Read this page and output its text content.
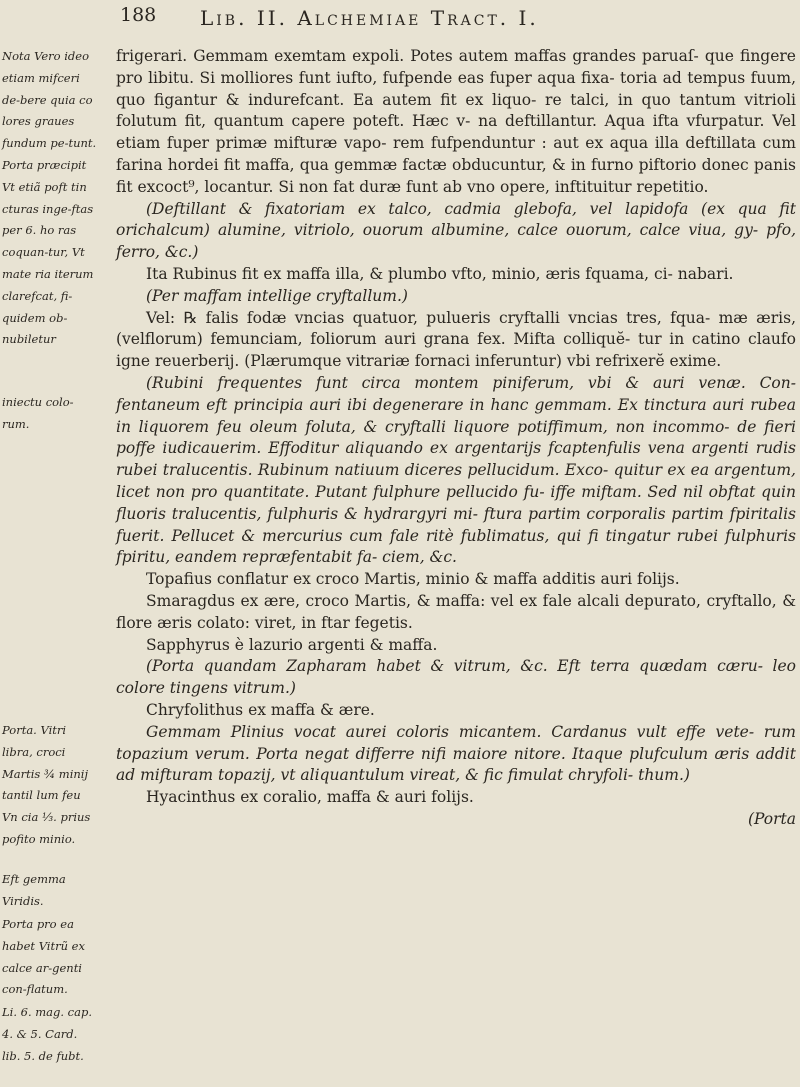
188 Lib. II. Alchemiae Tract. I.
Nota Vero ideo etiam mifceri de-bere quia co lores graues fundum pe-tunt. Porta præcipit Vt etiã poft tin cturas inge-ftas per 6. ho ras coquan-tur, Vt mate ria iterum clarefcat, fi-quidem ob-nubiletur
iniectu colo-rum.
Porta. Vitri libra, croci Martis ¾ minij tantil lum feu Vn cia ⅓. prius pofito minio.
Eft gemma Viridis.
Porta pro ea habet Vitrũ ex calce ar-genti con-flatum.
Li. 6. mag. cap. 4. & 5. Card. lib. 5. de fubt.

frigerari. Gemmam exemtam expoli. Potes autem maffas grandes paruaſ- que fingere pro libitu. Si molliores funt iufto, fufpende eas fuper aqua fixa- toria ad tempus fuum, quo figantur & indurefcant. Ea autem fit ex liquo- re talci, in quo tantum vitrioli folutum fit, quantum capere poteft. Hæc v- na deftillantur. Aqua ifta vfurpatur. Vel etiam fuper primæ mifturæ vapo- rem fufpenduntur : aut ex aqua illa deftillata cum farina hordei fit maffa, qua gemmæ factæ obducuntur, & in furno piftorio donec panis fit excoct⁹, locantur. Si non fat duræ funt ab vno opere, inftituitur repetitio.

(Deftillant & fixatoriam ex talco, cadmia glebofa, vel lapidofa (ex qua fit orichalcum) alumine, vitriolo, ouorum albumine, calce ouorum, calce viua, gy- pfo, ferro, &c.)

Ita Rubinus fit ex maffa illa, & plumbo vfto, minio, æris fquama, ci- nabari.

(Per maffam intellige cryftallum.)

Vel: ℞ falis fodæ vncias quatuor, pulueris cryftalli vncias tres, fqua- mæ æris, (velflorum) femunciam, foliorum auri grana fex. Mifta colliquĕ- tur in catino claufo igne reuerberij. (Plærumque vitrariæ fornaci inferuntur) vbi refrixerĕ exime.

(Rubini frequentes funt circa montem piniferum, vbi & auri venæ. Con- fentaneum eft principia auri ibi degenerare in hanc gemmam. Ex tinctura auri rubea in liquorem feu oleum foluta, & cryftalli liquore potiffimum, non incommo- de fieri poffe iudicauerim. Effoditur aliquando ex argentarijs fcaptenfulis vena argenti rudis rubei tralucentis. Rubinum natiuum diceres pellucidum. Exco- quitur ex ea argentum, licet non pro quantitate. Putant fulphure pellucido fu- iffe miftam. Sed nil obftat quin fluoris tralucentis, fulphuris & hydrargyri mi- ftura partim corporalis partim fpiritalis fuerit. Pellucet & mercurius cum fale ritè fublimatus, qui fi tingatur rubei fulphuris fpiritu, eandem repræfentabit fa- ciem, &c.

Topafius conflatur ex croco Martis, minio & maffa additis auri folijs.

Smaragdus ex ære, croco Martis, & maffa: vel ex fale alcali depurato, cryftallo, & flore æris colato: viret, in ftar fegetis.

Sapphyrus è lazurio argenti & maffa.

(Porta quandam Zapharam habet & vitrum, &c. Eft terra quædam cæru- leo colore tingens vitrum.)

Chryfolithus ex maffa & ære.

Gemmam Plinius vocat aurei coloris micantem. Cardanus vult effe vete- rum topazium verum. Porta negat differre nifi maiore nitore. Itaque plufculum æris addit ad mifturam topazij, vt aliquantulum vireat, & fic fimulat chryfoli- thum.)

Hyacinthus ex coralio, maffa & auri folijs.

(Porta
